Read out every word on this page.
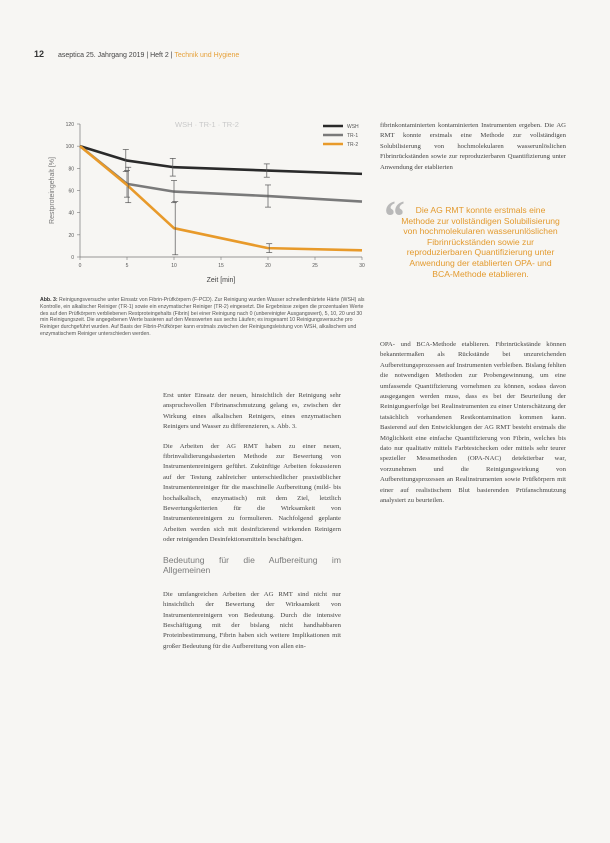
12 aseptica 25. Jahrgang 2019 | Heft 2 | Technik und Hygiene
0
20
40
60
80
100
120
0	5	10	15	20	25	30
Zeit [min]
Restproteingehalt [%]
WSH · TR-1 · TR-2	WSH
TR-1
TR-2
Abb. 3: Reinigungsversuche unter Einsatz von Fibrin-Prüfkörpern (F-PCD). Zur Reinigung wurden Wasser schnellenthärtete Härte (WSH) als Kontrolle, ein alkalischer Reiniger (TR-1) sowie ein enzymatischer Reiniger (TR-2) eingesetzt. Die Ergebnisse zeigen die prozentualen Werte des auf den Prüfkörpern verbliebenen Restproteingehalts (Fibrin) bei einer Reinigung nach 0 (unbereinigter Ausgangswert), 5, 10, 20 und 30 min Reinigungszeit. Die angegebenen Werte basieren auf den Messwerten aus sechs Läufen; es insgesamt 10 Reinigungsversuche pro Reiniger durchgeführt wurden. Auf Basis der Fibrin-Prüfkörper kann erstmals zwischen der Reinigungsleistung von WSH, alkalischem und enzymatischem Reiniger unterschieden werden.

Erst unter Einsatz der neuen, hinsichtlich der Reinigung sehr anspruchsvollen Fibrinanschmutzung gelang es, zwischen der Wirkung eines alkalischen Reinigers, eines enzymatischen Reinigers und Wasser zu differenzieren, s. Abb. 3.

Die Arbeiten der AG RMT haben zu einer neuen, fibrinvalidierungsbasierten Methode zur Bewertung von Instrumentenreinigern geführt. Zukünftige Arbeiten fokussieren auf der Testung zahlreicher unterschiedlicher praxisüblicher Instrumentenreiniger für die maschinelle Aufbereitung (mild- bis hochalkalisch, enzymatisch) mit dem Ziel, letztlich Bewertungskriterien für die Wirksamkeit von Instrumentenreinigern zu formulieren. Nachfolgend geplante Arbeiten werden sich mit desinfizierend wirkenden Reinigern oder reinigenden Desinfektionsmitteln beschäftigen.

Bedeutung für die Aufbereitung im Allgemeinen

Die umfangreichen Arbeiten der AG RMT sind nicht nur hinsichtlich der Bewertung der Wirksamkeit von Instrumentenreinigern von Bedeutung. Durch die intensive Beschäftigung mit der bislang nicht handhabbaren Proteinbestimmung, Fibrin haben sich weitere Implikationen mit großer Bedeutung für die Aufbereitung von allen ein-

fibrinkontaminierten kontaminierten Instrumenten ergeben. Die AG RMT konnte erstmals eine Methode zur vollständigen Solubilisierung von hochmolekularen wasserunlöslichen Fibrinrückständen sowie zur reproduzierbaren Quantifizierung unter Anwendung der etablierten

“	Die AG RMT konnte erstmals eine Methode zur vollständigen Solubilisierung von hochmolekularen wasserunlöslichen Fibrinrückständen sowie zur reproduzierbaren Quantifizierung unter Anwendung der etablierten OPA- und BCA-Methode etablieren.

OPA- und BCA-Methode etablieren. Fibrinrückstände können bekanntermaßen als Rückstände bei unzureichenden Aufbereitungsprozessen auf Instrumenten verbleiben. Bislang fehlten die notwendigen Methoden zur Probengewinnung, um eine umfassende Quantifizierung vornehmen zu können, sodass davon ausgegangen werden muss, dass es bei der Beurteilung der Reinigungserfolge bei Realinstrumenten zu einer Unterschätzung der tatsächlich vorhandenen Restkontamination kommen kann. Basierend auf den Entwicklungen der AG RMT besteht erstmals die Möglichkeit eine einfache Quantifizierung von Fibrin, welches bis dato nur qualitativ mittels Farbtestchecken oder mittels sehr teurer spezieller Messmethoden (OPA-NAC) detektierbar war, vorzunehmen und die Reinigungswirkung von Aufbereitungsprozessen an Realinstrumenten sowie Prüfkörpern mit einer auf realistischem Blut basierenden Prüfanschmutzung analysiert zu beurteilen.
